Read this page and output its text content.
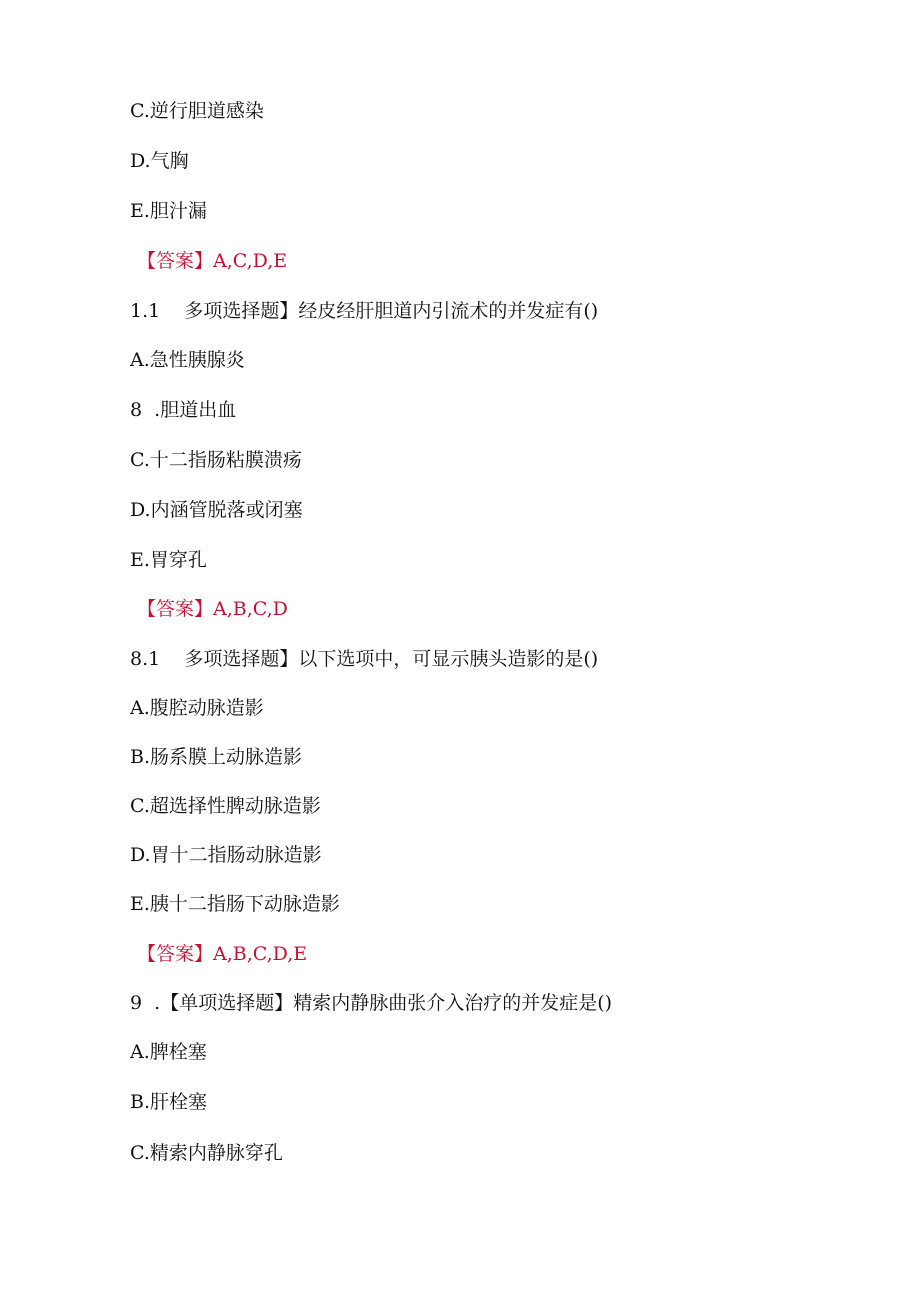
C.逆行胆道感染
D.气胸
E.胆汁漏
【答案】A,C,D,E
1.1    多项选择题】经皮经肝胆道内引流术的并发症有()
A.急性胰腺炎
8  .胆道出血
C.十二指肠粘膜溃疡
D.内涵管脱落或闭塞
E.胃穿孔
【答案】A,B,C,D
8.1    多项选择题】以下选项中，可显示胰头造影的是()
A.腹腔动脉造影
B.肠系膜上动脉造影
C.超选择性脾动脉造影
D.胃十二指肠动脉造影
E.胰十二指肠下动脉造影
【答案】A,B,C,D,E
9  .【单项选择题】精索内静脉曲张介入治疗的并发症是()
A.脾栓塞
B.肝栓塞
C.精索内静脉穿孔
